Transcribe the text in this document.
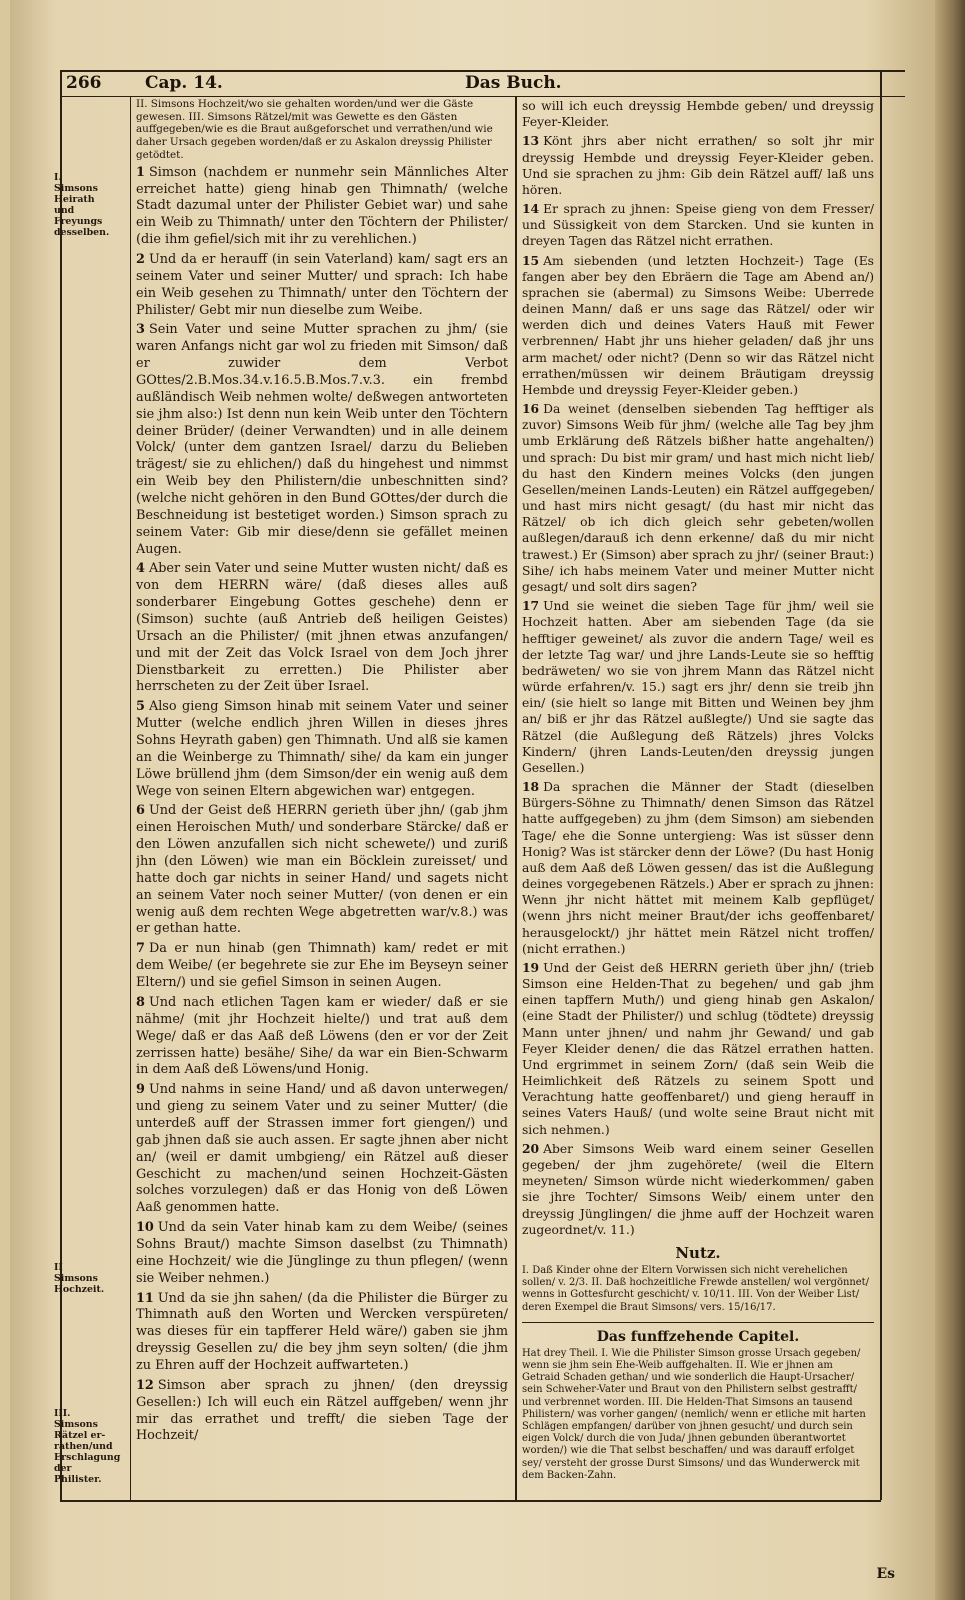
266	Cap. 14.	Das Buch.
I.
Simsons
Heirath
und Freyungs desselben.
II
Simsons
Hochzeit.
III.
Simsons
Rätzel er-
rathen/und
Erschlagung
der Philister.

II. Simsons Hochzeit/wo sie gehalten worden/und wer die Gäste gewesen. III. Simsons Rätzel/mit was Gewette es den Gästen auffgegeben/wie es die Braut außgeforschet und verrathen/und wie daher Ursach gegeben worden/daß er zu Askalon dreyssig Philister getödtet.

1 Simson (nachdem er nunmehr sein Männliches Alter erreichet hatte) gieng hinab gen Thimnath/ (welche Stadt dazumal unter der Philister Gebiet war) und sahe ein Weib zu Thimnath/ unter den Töchtern der Philister/ (die ihm gefiel/sich mit ihr zu verehlichen.)

2 Und da er herauff (in sein Vaterland) kam/ sagt ers an seinem Vater und seiner Mutter/ und sprach: Ich habe ein Weib gesehen zu Thimnath/ unter den Töchtern der Philister/ Gebt mir nun dieselbe zum Weibe.

3 Sein Vater und seine Mutter sprachen zu jhm/ (sie waren Anfangs nicht gar wol zu frieden mit Simson/ daß er zuwider dem Verbot GOttes/2.B.Mos.34.v.16.5.B.Mos.7.v.3. ein frembd außländisch Weib nehmen wolte/ deßwegen antworteten sie jhm also:) Ist denn nun kein Weib unter den Töchtern deiner Brüder/ (deiner Verwandten) und in alle deinem Volck/ (unter dem gantzen Israel/ darzu du Belieben trägest/ sie zu ehlichen/) daß du hingehest und nimmst ein Weib bey den Philistern/die unbeschnitten sind? (welche nicht gehören in den Bund GOttes/der durch die Beschneidung ist bestetiget worden.) Simson sprach zu seinem Vater: Gib mir diese/denn sie gefället meinen Augen.

4 Aber sein Vater und seine Mutter wusten nicht/ daß es von dem HERRN wäre/ (daß dieses alles auß sonderbarer Eingebung Gottes geschehe) denn er (Simson) suchte (auß Antrieb deß heiligen Geistes) Ursach an die Philister/ (mit jhnen etwas anzufangen/ und mit der Zeit das Volck Israel von dem Joch jhrer Dienstbarkeit zu erretten.) Die Philister aber herrscheten zu der Zeit über Israel.

5 Also gieng Simson hinab mit seinem Vater und seiner Mutter (welche endlich jhren Willen in dieses jhres Sohns Heyrath gaben) gen Thimnath. Und alß sie kamen an die Weinberge zu Thimnath/ sihe/ da kam ein junger Löwe brüllend jhm (dem Simson/der ein wenig auß dem Wege von seinen Eltern abgewichen war) entgegen.

6 Und der Geist deß HERRN gerieth über jhn/ (gab jhm einen Heroischen Muth/ und sonderbare Stärcke/ daß er den Löwen anzufallen sich nicht schewete/) und zuriß jhn (den Löwen) wie man ein Böcklein zureisset/ und hatte doch gar nichts in seiner Hand/ und sagets nicht an seinem Vater noch seiner Mutter/ (von denen er ein wenig auß dem rechten Wege abgetretten war/v.8.) was er gethan hatte.

7 Da er nun hinab (gen Thimnath) kam/ redet er mit dem Weibe/ (er begehrete sie zur Ehe im Beyseyn seiner Eltern/) und sie gefiel Simson in seinen Augen.

8 Und nach etlichen Tagen kam er wieder/ daß er sie nähme/ (mit jhr Hochzeit hielte/) und trat auß dem Wege/ daß er das Aaß deß Löwens (den er vor der Zeit zerrissen hatte) besähe/ Sihe/ da war ein Bien-Schwarm in dem Aaß deß Löwens/und Honig.

9 Und nahms in seine Hand/ und aß davon unterwegen/ und gieng zu seinem Vater und zu seiner Mutter/ (die unterdeß auff der Strassen immer fort giengen/) und gab jhnen daß sie auch assen. Er sagte jhnen aber nicht an/ (weil er damit umbgieng/ ein Rätzel auß dieser Geschicht zu machen/und seinen Hochzeit-Gästen solches vorzulegen) daß er das Honig von deß Löwen Aaß genommen hatte.

10 Und da sein Vater hinab kam zu dem Weibe/ (seines Sohns Braut/) machte Simson daselbst (zu Thimnath) eine Hochzeit/ wie die Jünglinge zu thun pflegen/ (wenn sie Weiber nehmen.)

11 Und da sie jhn sahen/ (da die Philister die Bürger zu Thimnath auß den Worten und Wercken verspüreten/ was dieses für ein tapfferer Held wäre/) gaben sie jhm dreyssig Gesellen zu/ die bey jhm seyn solten/ (die jhm zu Ehren auff der Hochzeit auffwarteten.)

12 Simson aber sprach zu jhnen/ (den dreyssig Gesellen:) Ich will euch ein Rätzel auffgeben/ wenn jhr mir das errathet und trefft/ die sieben Tage der Hochzeit/

so will ich euch dreyssig Hembde geben/ und dreyssig Feyer-Kleider.

13 Könt jhrs aber nicht errathen/ so solt jhr mir dreyssig Hembde und dreyssig Feyer-Kleider geben. Und sie sprachen zu jhm: Gib dein Rätzel auff/ laß uns hören.

14 Er sprach zu jhnen: Speise gieng von dem Fresser/ und Süssigkeit von dem Starcken. Und sie kunten in dreyen Tagen das Rätzel nicht errathen.

15 Am siebenden (und letzten Hochzeit-) Tage (Es fangen aber bey den Ebräern die Tage am Abend an/) sprachen sie (abermal) zu Simsons Weibe: Uberrede deinen Mann/ daß er uns sage das Rätzel/ oder wir werden dich und deines Vaters Hauß mit Fewer verbrennen/ Habt jhr uns hieher geladen/ daß jhr uns arm machet/ oder nicht? (Denn so wir das Rätzel nicht errathen/müssen wir deinem Bräutigam dreyssig Hembde und dreyssig Feyer-Kleider geben.)

16 Da weinet (denselben siebenden Tag hefftiger als zuvor) Simsons Weib für jhm/ (welche alle Tag bey jhm umb Erklärung deß Rätzels bißher hatte angehalten/) und sprach: Du bist mir gram/ und hast mich nicht lieb/ du hast den Kindern meines Volcks (den jungen Gesellen/meinen Lands-Leuten) ein Rätzel auffgegeben/ und hast mirs nicht gesagt/ (du hast mir nicht das Rätzel/ ob ich dich gleich sehr gebeten/wollen außlegen/darauß ich denn erkenne/ daß du mir nicht trawest.) Er (Simson) aber sprach zu jhr/ (seiner Braut:) Sihe/ ich habs meinem Vater und meiner Mutter nicht gesagt/ und solt dirs sagen?

17 Und sie weinet die sieben Tage für jhm/ weil sie Hochzeit hatten. Aber am siebenden Tage (da sie hefftiger geweinet/ als zuvor die andern Tage/ weil es der letzte Tag war/ und jhre Lands-Leute sie so hefftig bedräweten/ wo sie von jhrem Mann das Rätzel nicht würde erfahren/v. 15.) sagt ers jhr/ denn sie treib jhn ein/ (sie hielt so lange mit Bitten und Weinen bey jhm an/ biß er jhr das Rätzel außlegte/) Und sie sagte das Rätzel (die Außlegung deß Rätzels) jhres Volcks Kindern/ (jhren Lands-Leuten/den dreyssig jungen Gesellen.)

18 Da sprachen die Männer der Stadt (dieselben Bürgers-Söhne zu Thimnath/ denen Simson das Rätzel hatte auffgegeben) zu jhm (dem Simson) am siebenden Tage/ ehe die Sonne untergieng: Was ist süsser denn Honig? Was ist stärcker denn der Löwe? (Du hast Honig auß dem Aaß deß Löwen gessen/ das ist die Außlegung deines vorgegebenen Rätzels.) Aber er sprach zu jhnen: Wenn jhr nicht hättet mit meinem Kalb gepflüget/ (wenn jhrs nicht meiner Braut/der ichs geoffenbaret/ herausgelockt/) jhr hättet mein Rätzel nicht troffen/ (nicht errathen.)

19 Und der Geist deß HERRN gerieth über jhn/ (trieb Simson eine Helden-That zu begehen/ und gab jhm einen tapffern Muth/) und gieng hinab gen Askalon/ (eine Stadt der Philister/) und schlug (tödtete) dreyssig Mann unter jhnen/ und nahm jhr Gewand/ und gab Feyer Kleider denen/ die das Rätzel errathen hatten. Und ergrimmet in seinem Zorn/ (daß sein Weib die Heimlichkeit deß Rätzels zu seinem Spott und Verachtung hatte geoffenbaret/) und gieng herauff in seines Vaters Hauß/ (und wolte seine Braut nicht mit sich nehmen.)

20 Aber Simsons Weib ward einem seiner Gesellen gegeben/ der jhm zugehörete/ (weil die Eltern meyneten/ Simson würde nicht wiederkommen/ gaben sie jhre Tochter/ Simsons Weib/ einem unter den dreyssig Jünglingen/ die jhme auff der Hochzeit waren zugeordnet/v. 11.)

Nutz.

I. Daß Kinder ohne der Eltern Vorwissen sich nicht verehelichen sollen/ v. 2/3. II. Daß hochzeitliche Frewde anstellen/ wol vergönnet/ wenns in Gottesfurcht geschicht/ v. 10/11. III. Von der Weiber List/ deren Exempel die Braut Simsons/ vers. 15/16/17.

Das funffzehende Capitel.

Hat drey Theil. I. Wie die Philister Simson grosse Ursach gegeben/ wenn sie jhm sein Ehe-Weib auffgehalten. II. Wie er jhnen am Getraid Schaden gethan/ und wie sonderlich die Haupt-Ursacher/ sein Schweher-Vater und Braut von den Philistern selbst gestrafft/ und verbrennet worden. III. Die Helden-That Simsons an tausend Philistern/ was vorher gangen/ (nemlich/ wenn er etliche mit harten Schlägen empfangen/ darüber von jhnen gesucht/ und durch sein eigen Volck/ durch die von Juda/ jhnen gebunden überantwortet worden/) wie die That selbst beschaffen/ und was darauff erfolget sey/ versteht der grosse Durst Simsons/ und das Wunderwerck mit dem Backen-Zahn.

Es
